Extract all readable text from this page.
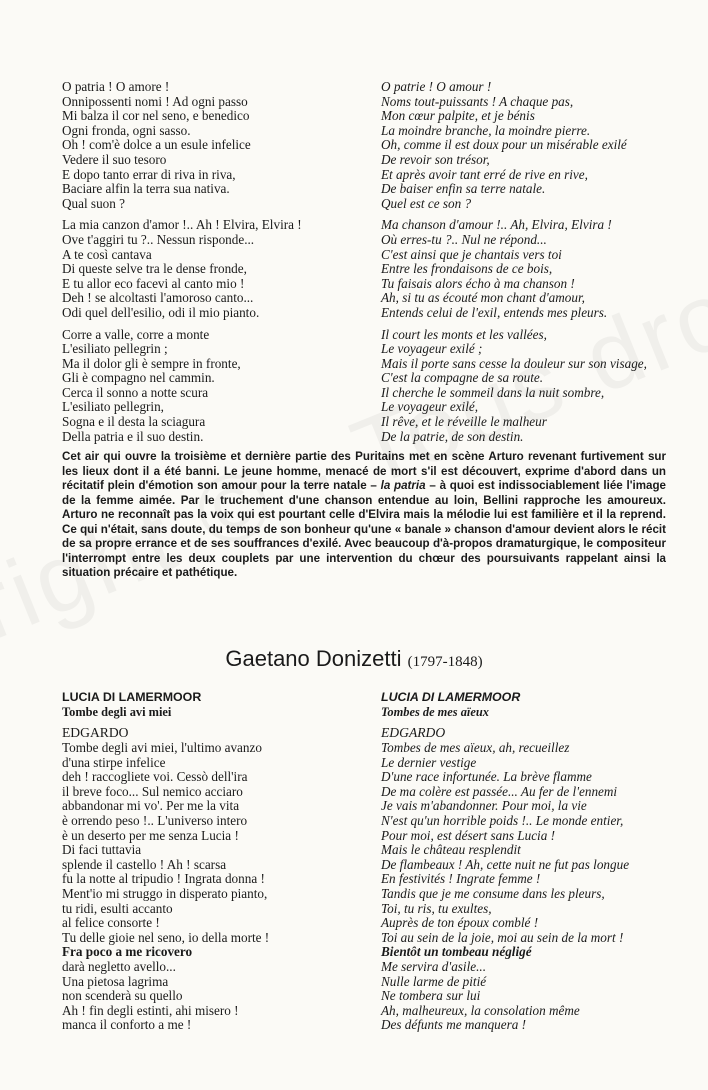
O patria ! O amore !
Onnipossenti nomi ! Ad ogni passo
Mi balza il cor nel seno, e benedico
Ogni fronda, ogni sasso.
Oh ! com'è dolce a un esule infelice
Vedere il suo tesoro
E dopo tanto errar di riva in riva,
Baciare alfin la terra sua nativa.
Qual suon ?
La mia canzon d'amor !.. Ah ! Elvira, Elvira !
Ove t'aggiri tu ?.. Nessun risponde...
A te così cantava
Di queste selve tra le dense fronde,
E tu allor eco facevi al canto mio !
Deh ! se alcoltasti l'amoroso canto...
Odi quel dell'esilio, odi il mio pianto.
Corre a valle, corre a monte
L'esiliato pellegrin ;
Ma il dolor gli è sempre in fronte,
Gli è compagno nel cammin.
Cerca il sonno a notte scura
L'esiliato pellegrin,
Sogna e il desta la sciagura
Della patria e il suo destin.
O patrie ! O amour !
Noms tout-puissants ! A chaque pas,
Mon cœur palpite, et je bénis
La moindre branche, la moindre pierre.
Oh, comme il est doux pour un misérable exilé
De revoir son trésor,
Et après avoir tant erré de rive en rive,
De baiser enfin sa terre natale.
Quel est ce son ?
Ma chanson d'amour !.. Ah, Elvira, Elvira !
Où erres-tu ?.. Nul ne répond...
C'est ainsi que je chantais vers toi
Entre les frondaisons de ce bois,
Tu faisais alors écho à ma chanson !
Ah, si tu as écouté mon chant d'amour,
Entends celui de l'exil, entends mes pleurs.
Il court les monts et les vallées,
Le voyageur exilé ;
Mais il porte sans cesse la douleur sur son visage,
C'est la compagne de sa route.
Il cherche le sommeil dans la nuit sombre,
Le voyageur exilé,
Il rêve, et le réveille le malheur
De la patrie, de son destin.
Cet air qui ouvre la troisième et dernière partie des Puritains met en scène Arturo revenant furtivement sur les lieux dont il a été banni. Le jeune homme, menacé de mort s'il est découvert, exprime d'abord dans un récitatif plein d'émotion son amour pour la terre natale – la patria – à quoi est indissociablement liée l'image de la femme aimée. Par le truchement d'une chanson entendue au loin, Bellini rapproche les amoureux. Arturo ne reconnaît pas la voix qui est pourtant celle d'Elvira mais la mélodie lui est familière et il la reprend. Ce qui n'était, sans doute, du temps de son bonheur qu'une « banale » chanson d'amour devient alors le récit de sa propre errance et de ses souffrances d'exilé. Avec beaucoup d'à-propos dramaturgique, le compositeur l'interrompt entre les deux couplets par une intervention du chœur des poursuivants rappelant ainsi la situation précaire et pathétique.
Gaetano Donizetti (1797-1848)
LUCIA DI LAMERMOOR
Tombe degli avi miei
EDGARDO
Tombe degli avi miei, l'ultimo avanzo
d'una stirpe infelice
deh ! raccogliete voi. Cessò dell'ira
il breve foco... Sul nemico acciaro
abbandonar mi vo'. Per me la vita
è orrendo peso !.. L'universo intero
è un deserto per me senza Lucia !
Di faci tuttavia
splende il castello ! Ah ! scarsa
fu la notte al tripudio ! Ingrata donna !
Ment'io mi struggo in disperato pianto,
tu ridi, esulti accanto
al felice consorte !
Tu delle gioie nel seno, io della morte !
Fra poco a me ricovero
darà negletto avello...
Una pietosa lagrima
non scenderà su quello
Ah ! fin degli estinti, ahi misero !
manca il conforto a me !
LUCIA DI LAMERMOOR
Tombes de mes aïeux
EDGARDO
Tombes de mes aïeux, ah, recueillez
Le dernier vestige
D'une race infortunée. La brève flamme
De ma colère est passée... Au fer de l'ennemi
Je vais m'abandonner. Pour moi, la vie
N'est qu'un horrible poids !.. Le monde entier,
Pour moi, est désert sans Lucia !
Mais le château resplendit
De flambeaux ! Ah, cette nuit ne fut pas longue
En festivités ! Ingrate femme !
Tandis que je me consume dans les pleurs,
Toi, tu ris, tu exultes,
Auprès de ton époux comblé !
Toi au sein de la joie, moi au sein de la mort !
Bientôt un tombeau négligé
Me servira d'asile...
Nulle larme de pitié
Ne tombera sur lui
Ah, malheureux, la consolation même
Des défunts me manquera !
